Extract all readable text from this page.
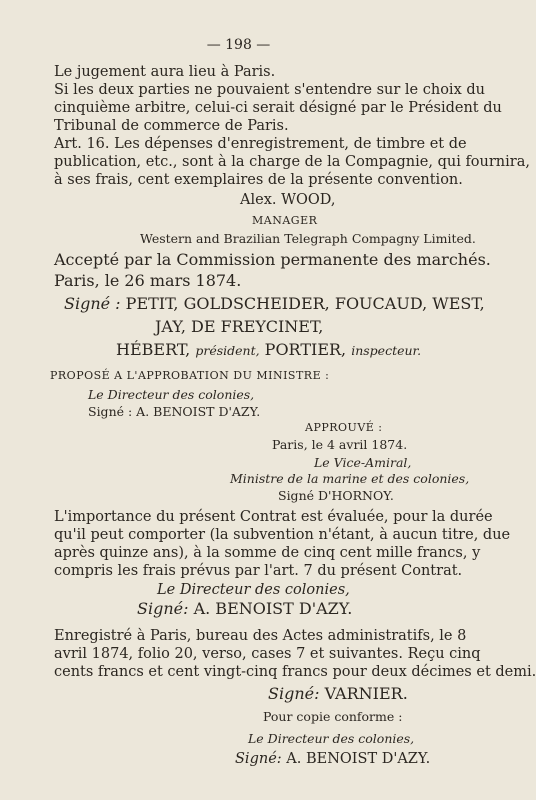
— 198 —
Le jugement aura lieu à Paris.
Si les deux parties ne pouvaient s'entendre sur le choix du
cinquième arbitre, celui-ci serait désigné par le Président du
Tribunal de commerce de Paris.
Art. 16. Les dépenses d'enregistrement, de timbre et de
publication, etc., sont à la charge de la Compagnie, qui fournira,
à ses frais, cent exemplaires de la présente convention.
Alex. WOOD,
MANAGER
Western and Brazilian Telegraph Compagny Limited.
Accepté par la Commission permanente des marchés.
Paris, le 26 mars 1874.
Signé : PETIT, GOLDSCHEIDER, FOUCAUD, WEST,
JAY, DE FREYCINET,
HÉBERT, président, PORTIER, inspecteur.
PROPOSÉ A L'APPROBATION DU MINISTRE :
Le Directeur des colonies,
Signé : A. BENOIST D'AZY.
APPROUVÉ :
Paris, le 4 avril 1874.
Le Vice-Amiral,
Ministre de la marine et des colonies,
Signé D'HORNOY.
L'importance du présent Contrat est évaluée, pour la durée
qu'il peut comporter (la subvention n'étant, à aucun titre, due
après quinze ans), à la somme de cinq cent mille francs, y
compris les frais prévus par l'art. 7 du présent Contrat.
Le Directeur des colonies,
Signé: A. BENOIST D'AZY.
Enregistré à Paris, bureau des Actes administratifs, le 8
avril 1874, folio 20, verso, cases 7 et suivantes. Reçu cinq
cents francs et cent vingt-cinq francs pour deux décimes et demi.
Signé: VARNIER.
Pour copie conforme :
Le Directeur des colonies,
Signé: A. BENOIST D'AZY.
